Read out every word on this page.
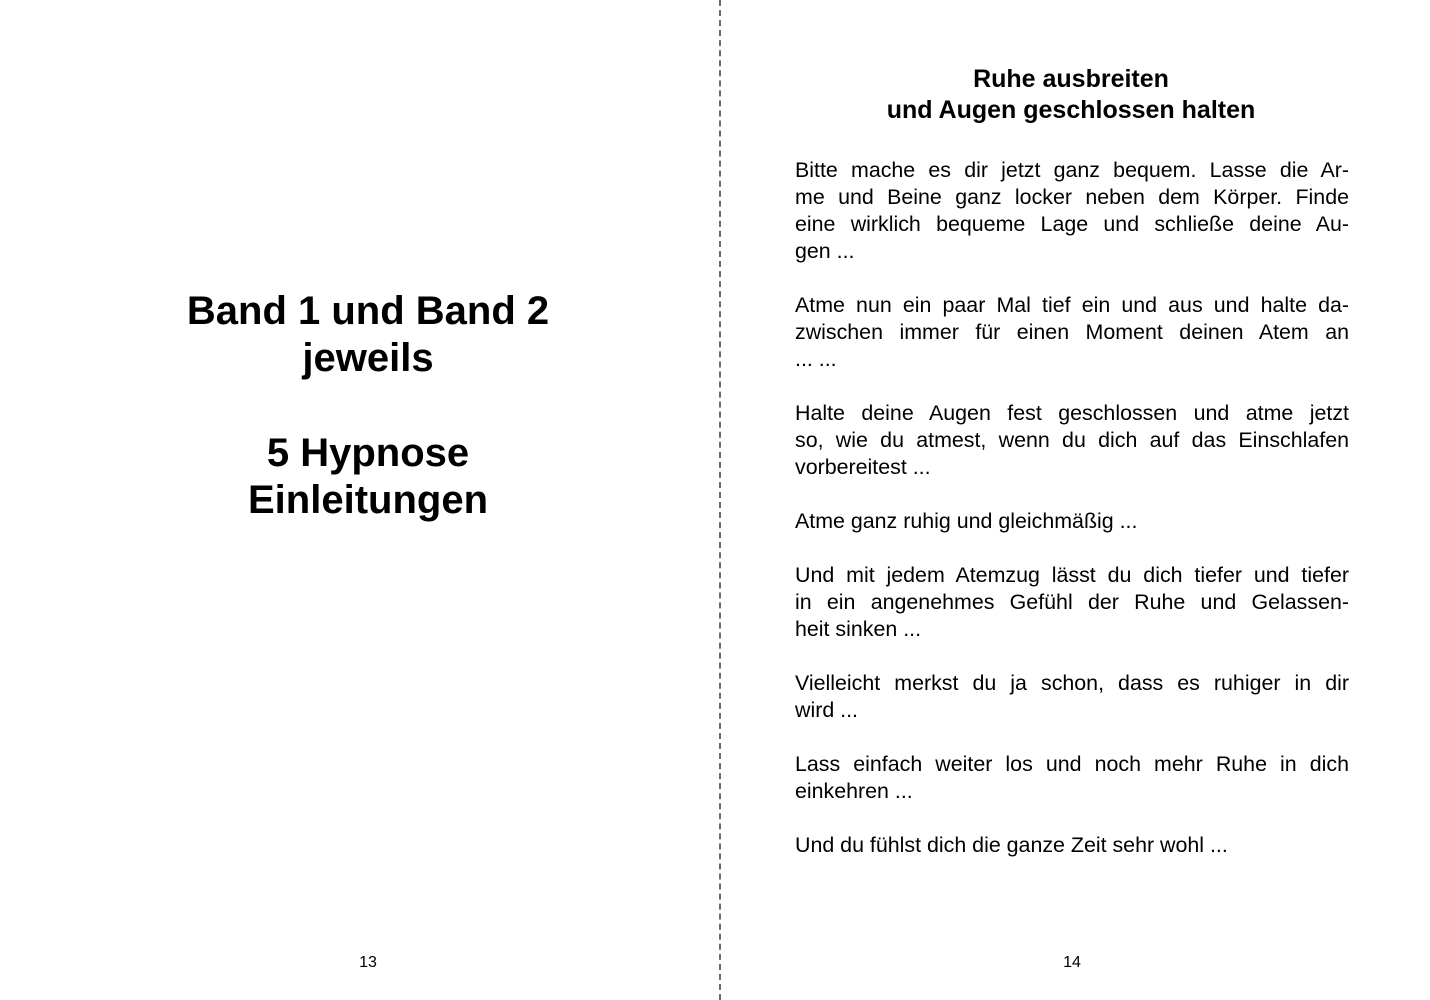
Band 1 und Band 2
jeweils
5 Hypnose
Einleitungen
13
Ruhe ausbreiten
und Augen geschlossen halten

Bitte mache es dir jetzt ganz bequem. Lasse die Ar-
me und Beine ganz locker neben dem Körper. Finde
eine wirklich bequeme Lage und schließe deine Au-
gen ...

Atme nun ein paar Mal tief ein und aus und halte da-
zwischen immer für einen Moment deinen Atem an
... ...

Halte deine Augen fest geschlossen und atme jetzt
so, wie du atmest, wenn du dich auf das Einschlafen
vorbereitest ...

Atme ganz ruhig und gleichmäßig ...

Und mit jedem Atemzug lässt du dich tiefer und tiefer
in ein angenehmes Gefühl der Ruhe und Gelassen-
heit sinken ...

Vielleicht merkst du ja schon, dass es ruhiger in dir
wird ...

Lass einfach weiter los und noch mehr Ruhe in dich
einkehren ...

Und du fühlst dich die ganze Zeit sehr wohl ...

14
